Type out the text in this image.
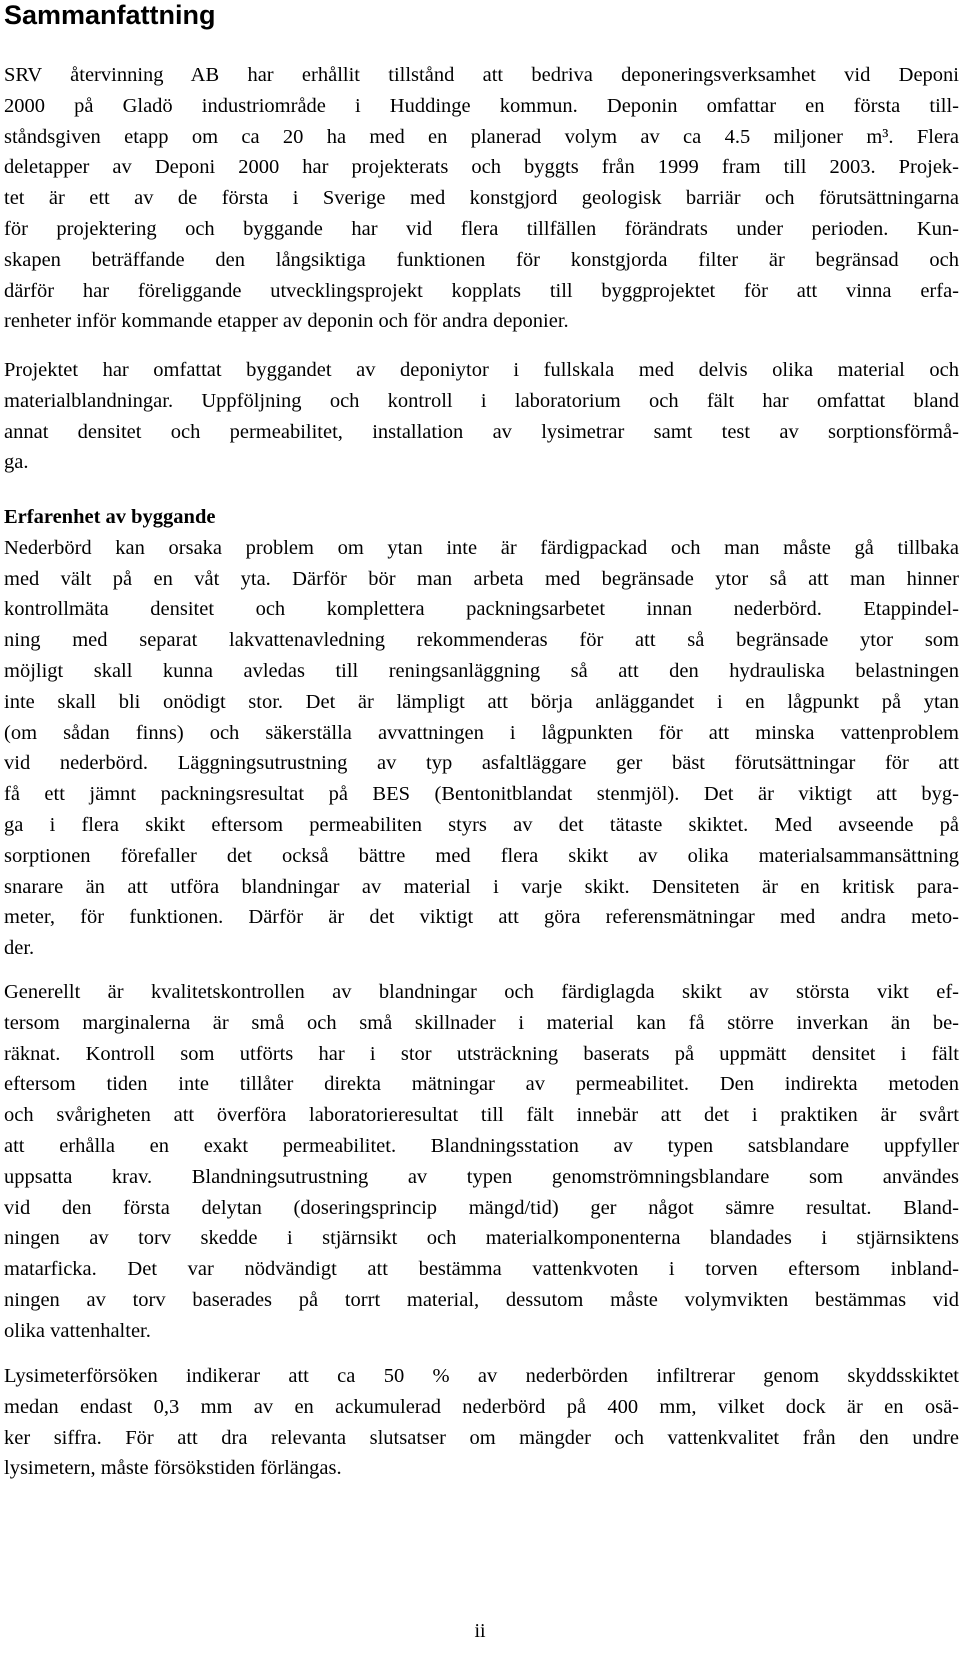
Sammanfattning
SRV återvinning AB har erhållit tillstånd att bedriva deponeringsverksamhet vid Deponi
2000 på Gladö industriområde i Huddinge kommun. Deponin omfattar en första till-
ståndsgiven etapp om ca 20 ha med en planerad volym av ca 4.5 miljoner m³. Flera
deletapper av Deponi 2000 har projekterats och byggts från 1999 fram till 2003. Projek-
tet är ett av de första i Sverige med konstgjord geologisk barriär och förutsättningarna
för projektering och byggande har vid flera tillfällen förändrats under perioden. Kun-
skapen beträffande den långsiktiga funktionen för konstgjorda filter är begränsad och
därför har föreliggande utvecklingsprojekt kopplats till byggprojektet för att vinna erfa-
renheter inför kommande etapper av deponin och för andra deponier.
Projektet har omfattat byggandet av deponiytor i fullskala med delvis olika material och
materialblandningar. Uppföljning och kontroll i laboratorium och fält har omfattat bland
annat densitet och permeabilitet, installation av lysimetrar samt test av sorptionsförmå-
ga.
Erfarenhet av byggande
Nederbörd kan orsaka problem om ytan inte är färdigpackad och man måste gå tillbaka
med vält på en våt yta. Därför bör man arbeta med begränsade ytor så att man hinner
kontrollmäta densitet och komplettera packningsarbetet innan nederbörd. Etappindel-
ning med separat lakvattenavledning rekommenderas för att så begränsade ytor som
möjligt skall kunna avledas till reningsanläggning så att den hydrauliska belastningen
inte skall bli onödigt stor. Det är lämpligt att börja anläggandet i en lågpunkt på ytan
(om sådan finns) och säkerställa avvattningen i lågpunkten för att minska vattenproblem
vid nederbörd. Läggningsutrustning av typ asfaltläggare ger bäst förutsättningar för att
få ett jämnt packningsresultat på BES (Bentonitblandat stenmjöl). Det är viktigt att byg-
ga i flera skikt eftersom permeabiliten styrs av det tätaste skiktet. Med avseende på
sorptionen förefaller det också bättre med flera skikt av olika materialsammansättning
snarare än att utföra blandningar av material i varje skikt. Densiteten är en kritisk para-
meter, för funktionen. Därför är det viktigt att göra referensmätningar med andra meto-
der.
Generellt är kvalitetskontrollen av blandningar och färdiglagda skikt av största vikt ef-
tersom marginalerna är små och små skillnader i material kan få större inverkan än be-
räknat. Kontroll som utförts har i stor utsträckning baserats på uppmätt densitet i fält
eftersom tiden inte tillåter direkta mätningar av permeabilitet. Den indirekta metoden
och svårigheten att överföra laboratorieresultat till fält innebär att det i praktiken är svårt
att erhålla en exakt permeabilitet. Blandningsstation av typen satsblandare uppfyller
uppsatta krav. Blandningsutrustning av typen genomströmningsblandare som användes
vid den första delytan (doseringsprincip mängd/tid) ger något sämre resultat. Bland-
ningen av torv skedde i stjärnsikt och materialkomponenterna blandades i stjärnsiktens
matarficka. Det var nödvändigt att bestämma vattenkvoten i torven eftersom inbland-
ningen av torv baserades på torrt material, dessutom måste volymvikten bestämmas vid
olika vattenhalter.
Lysimeterförsöken indikerar att ca 50 % av nederbörden infiltrerar genom skyddsskiktet
medan endast 0,3 mm av en ackumulerad nederbörd på 400 mm, vilket dock är en osä-
ker siffra. För att dra relevanta slutsatser om mängder och vattenkvalitet från den undre
lysimetern, måste försökstiden förlängas.
ii
